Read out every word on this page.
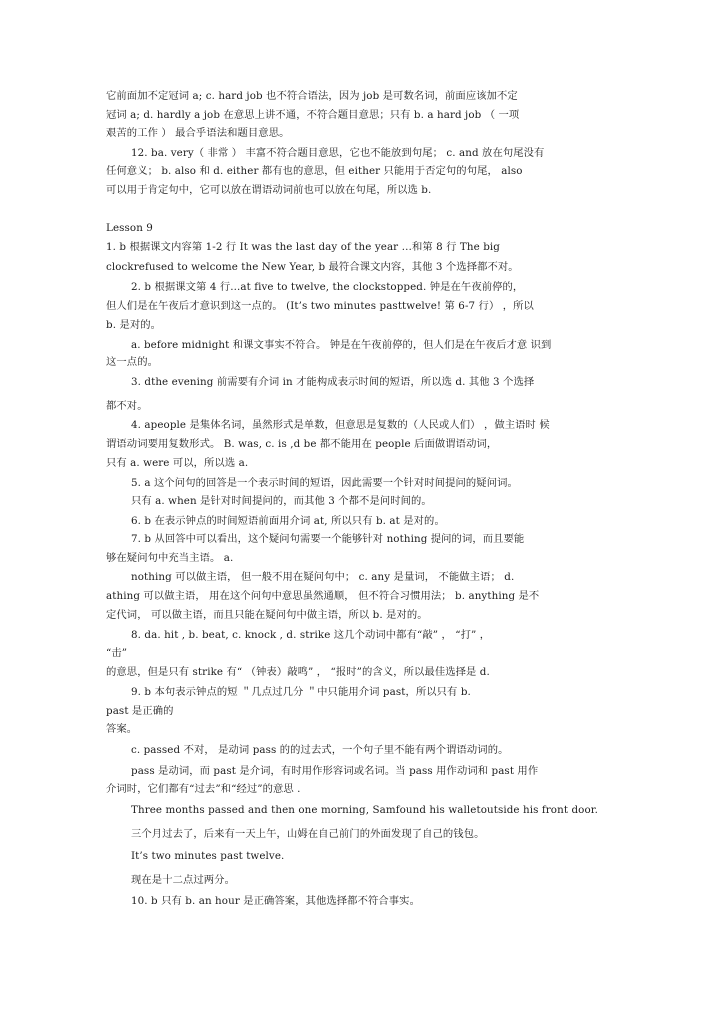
它前面加不定冠词 a; c. hard job 也不符合语法，因为 job 是可数名词，前面应该加不定
冠词 a; d. hardly a job 在意思上讲不通，不符合题目意思；只有 b. a hard job （ 一项
艰苦的工作 ） 最合乎语法和题目意思。
12. ba. very（ 非常 ） 丰富不符合题目意思，它也不能放到句尾； c. and 放在句尾没有
任何意义； b. also 和 d. either 都有也的意思，但 either 只能用于否定句的句尾， also
可以用于肯定句中，它可以放在谓语动词前也可以放在句尾，所以选 b.
Lesson 9
1. b 根据课文内容第 1-2 行 It was the last day of the year …和第 8 行 The big
clockrefused to welcome the New Year, b 最符合课文内容，其他 3 个选择都不对。
2. b 根据课文第 4 行...at five to twelve, the clockstopped. 钟是在午夜前停的，
但人们是在午夜后才意识到这一点的。 (It’s two minutes pasttwelve! 第 6-7 行） ，所以
b. 是对的。
a. before midnight 和课文事实不符合。 钟是在午夜前停的，但人们是在午夜后才意 识到
这一点的。
3. dthe evening 前需要有介词 in 才能构成表示时间的短语，所以选 d. 其他 3 个选择
都不对。
4. apeople 是集体名词，虽然形式是单数，但意思是复数的（人民或人们） ，做主语时 候
谓语动词要用复数形式。 B. was, c. is ,d be 都不能用在 people 后面做谓语动词，
只有 a. were 可以，所以选 a.
5. a 这个问句的回答是一个表示时间的短语，因此需要一个针对时间提问的疑问词。
只有 a. when 是针对时间提问的，而其他 3 个都不是问时间的。
6. b 在表示钟点的时间短语前面用介词 at, 所以只有 b. at 是对的。
7. b 从回答中可以看出，这个疑问句需要一个能够针对 nothing 提问的词，而且要能
够在疑问句中充当主语。 a.
nothing 可以做主语， 但一般不用在疑问句中； c. any 是量词， 不能做主语； d.
athing 可以做主语， 用在这个问句中意思虽然通顺， 但不符合习惯用法； b. anything 是不
定代词， 可以做主语，而且只能在疑问句中做主语，所以 b. 是对的。
8. da. hit , b. beat, c. knock , d. strike 这几个动词中都有“敲” ， “打” ，
“击”
的意思，但是只有 strike 有“ （钟表）敲鸣” ， “报时”的含义，所以最佳选择是 d.
9. b 本句表示钟点的短 ＂几点过几分 ＂中只能用介词 past，所以只有 b.
past 是正确的
答案。
c. passed 不对， 是动词 pass 的的过去式，一个句子里不能有两个谓语动词的。
pass 是动词，而 past 是介词，有时用作形容词或名词。当 pass 用作动词和 past 用作
介词时，它们都有“过去”和“经过”的意思 .
Three months passed and then one morning, Samfound his walletoutside his front door.
三个月过去了，后来有一天上午，山姆在自己前门的外面发现了自己的钱包。
It’s two minutes past twelve.
现在是十二点过两分。
10. b 只有 b. an hour 是正确答案，其他选择都不符合事实。
